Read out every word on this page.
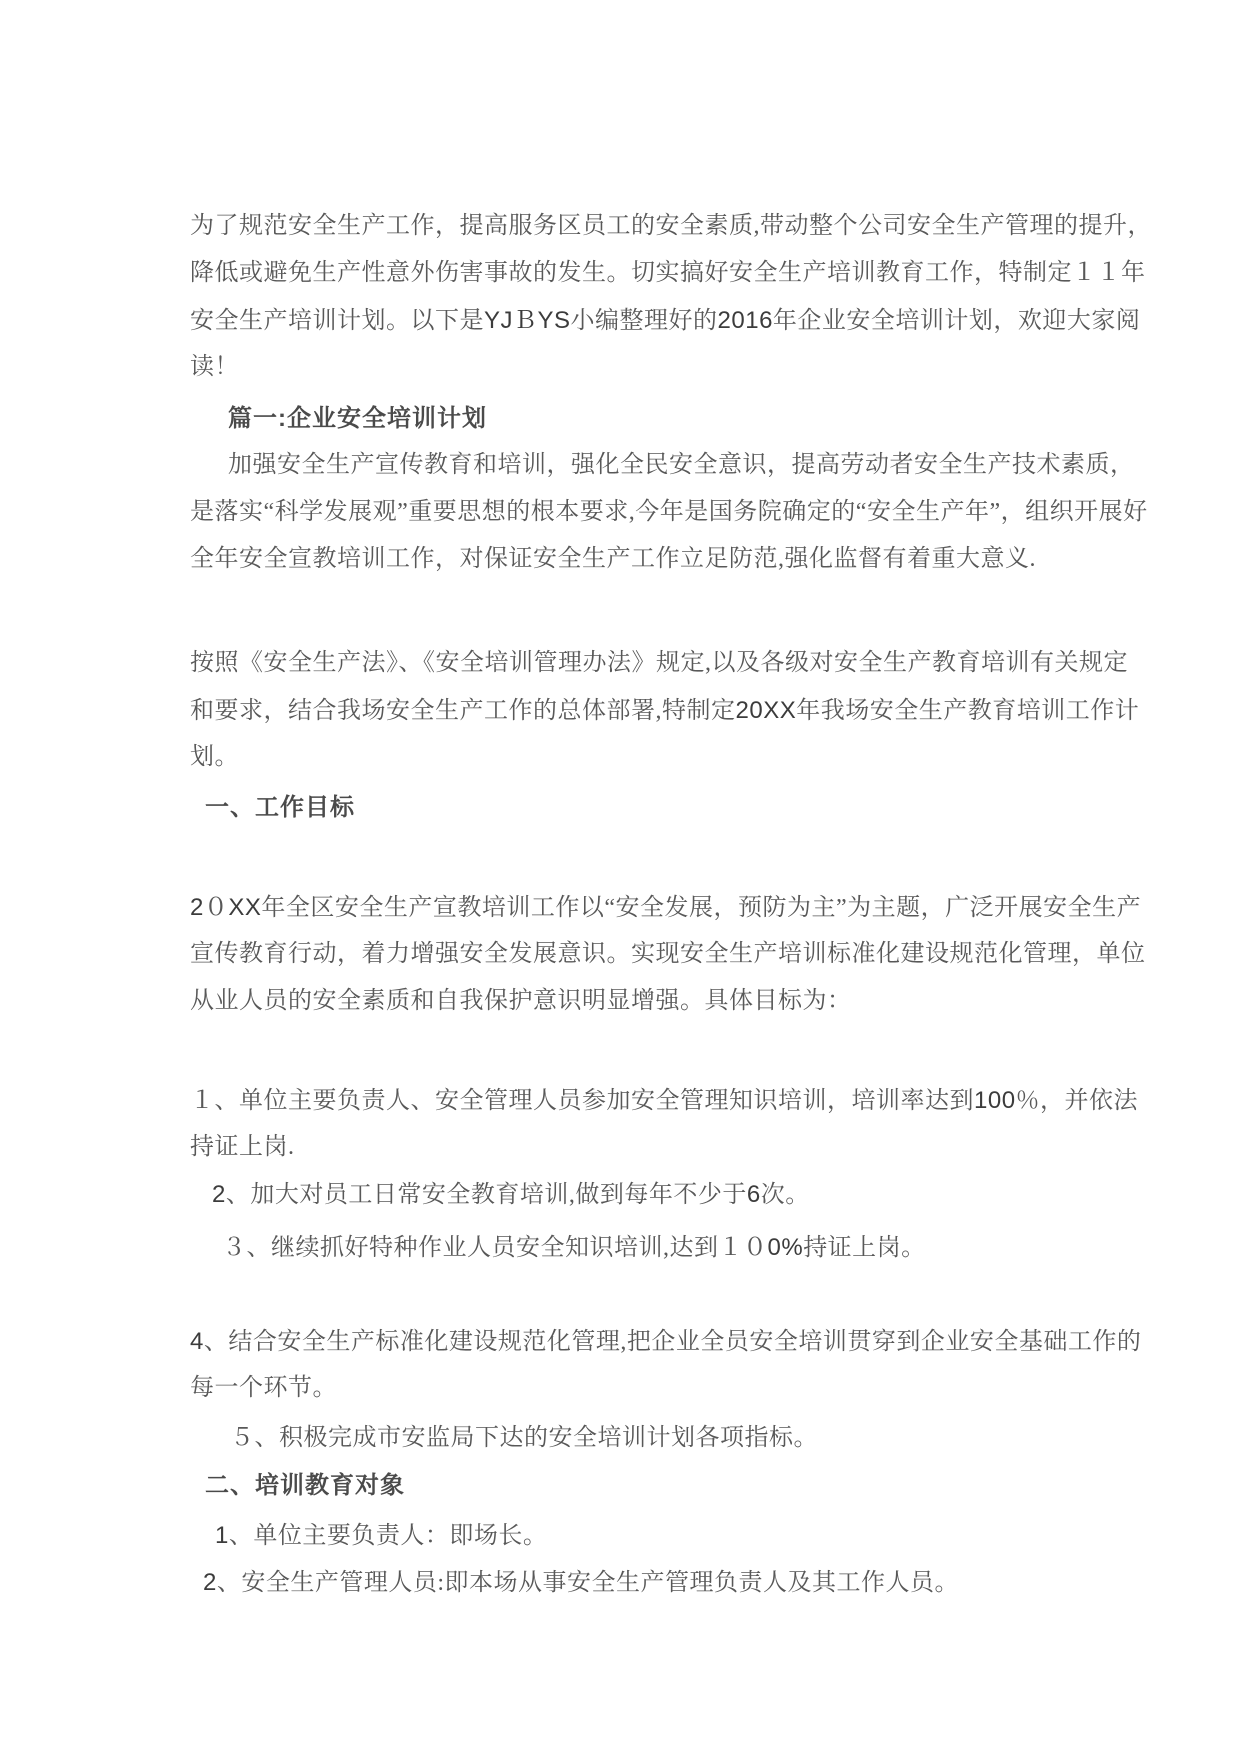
为了规范安全生产工作，提高服务区员工的安全素质,带动整个公司安全生产管理的提升，
降低或避免生产性意外伤害事故的发生。切实搞好安全生产培训教育工作，特制定１１年
安全生产培训计划。以下是YJＢYS小编整理好的2016年企业安全培训计划，欢迎大家阅
读！
篇一:企业安全培训计划
加强安全生产宣传教育和培训，强化全民安全意识，提高劳动者安全生产技术素质，
是落实“科学发展观”重要思想的根本要求,今年是国务院确定的“安全生产年”，组织开展好
全年安全宣教培训工作，对保证安全生产工作立足防范,强化监督有着重大意义.
按照《安全生产法》、《安全培训管理办法》规定,以及各级对安全生产教育培训有关规定
和要求，结合我场安全生产工作的总体部署,特制定20XX年我场安全生产教育培训工作计
划。
一、工作目标
2０XX年全区安全生产宣教培训工作以“安全发展，预防为主”为主题，广泛开展安全生产
宣传教育行动，着力增强安全发展意识。实现安全生产培训标准化建设规范化管理，单位
从业人员的安全素质和自我保护意识明显增强。具体目标为：
１、单位主要负责人、安全管理人员参加安全管理知识培训，培训率达到100％，并依法
持证上岗.
2、加大对员工日常安全教育培训,做到每年不少于6次。
３、继续抓好特种作业人员安全知识培训,达到１０0%持证上岗。
4、结合安全生产标准化建设规范化管理,把企业全员安全培训贯穿到企业安全基础工作的
每一个环节。
５、积极完成市安监局下达的安全培训计划各项指标。
二、培训教育对象
1、单位主要负责人：即场长。
2、安全生产管理人员:即本场从事安全生产管理负责人及其工作人员。
